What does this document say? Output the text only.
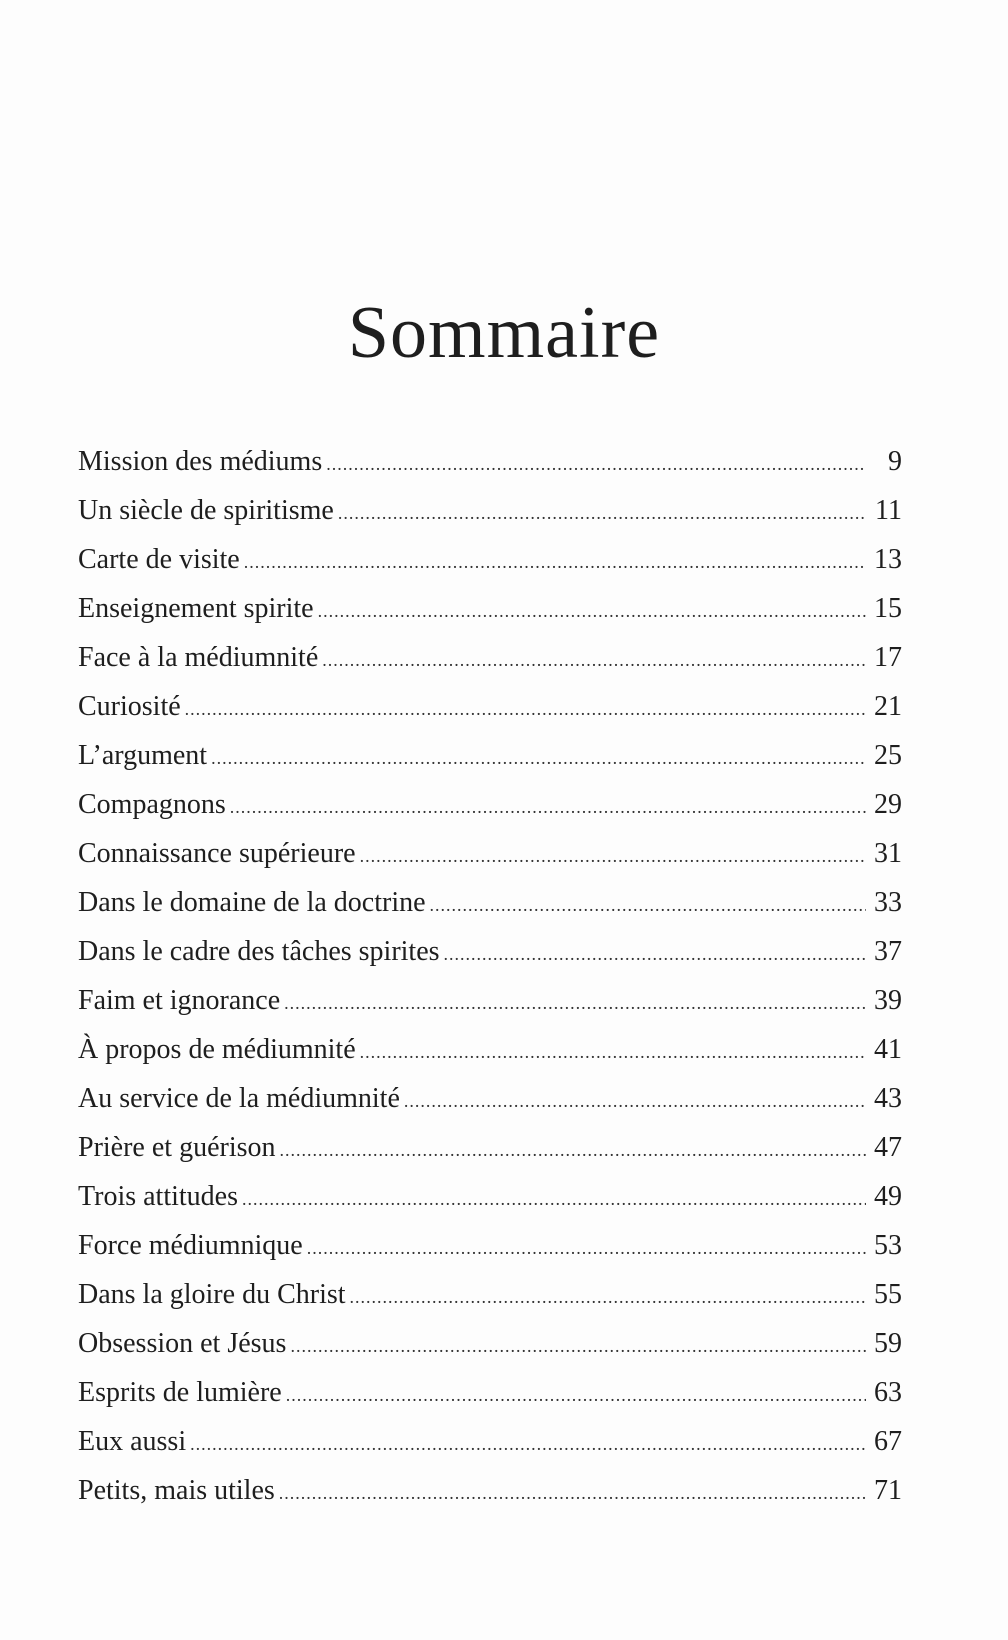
Sommaire
Mission des médiums .....	9
Un siècle de spiritisme .....	11
Carte de visite .....	13
Enseignement spirite .....	15
Face à la médiumnité .....	17
Curiosité .....	21
L’argument .....	25
Compagnons .....	29
Connaissance supérieure .....	31
Dans le domaine de la doctrine .....	33
Dans le cadre des tâches spirites .....	37
Faim et ignorance .....	39
À propos de médiumnité .....	41
Au service de la médiumnité .....	43
Prière et guérison .....	47
Trois attitudes .....	49
Force médiumnique .....	53
Dans la gloire du Christ .....	55
Obsession et Jésus .....	59
Esprits de lumière .....	63
Eux aussi .....	67
Petits, mais utiles .....	71
